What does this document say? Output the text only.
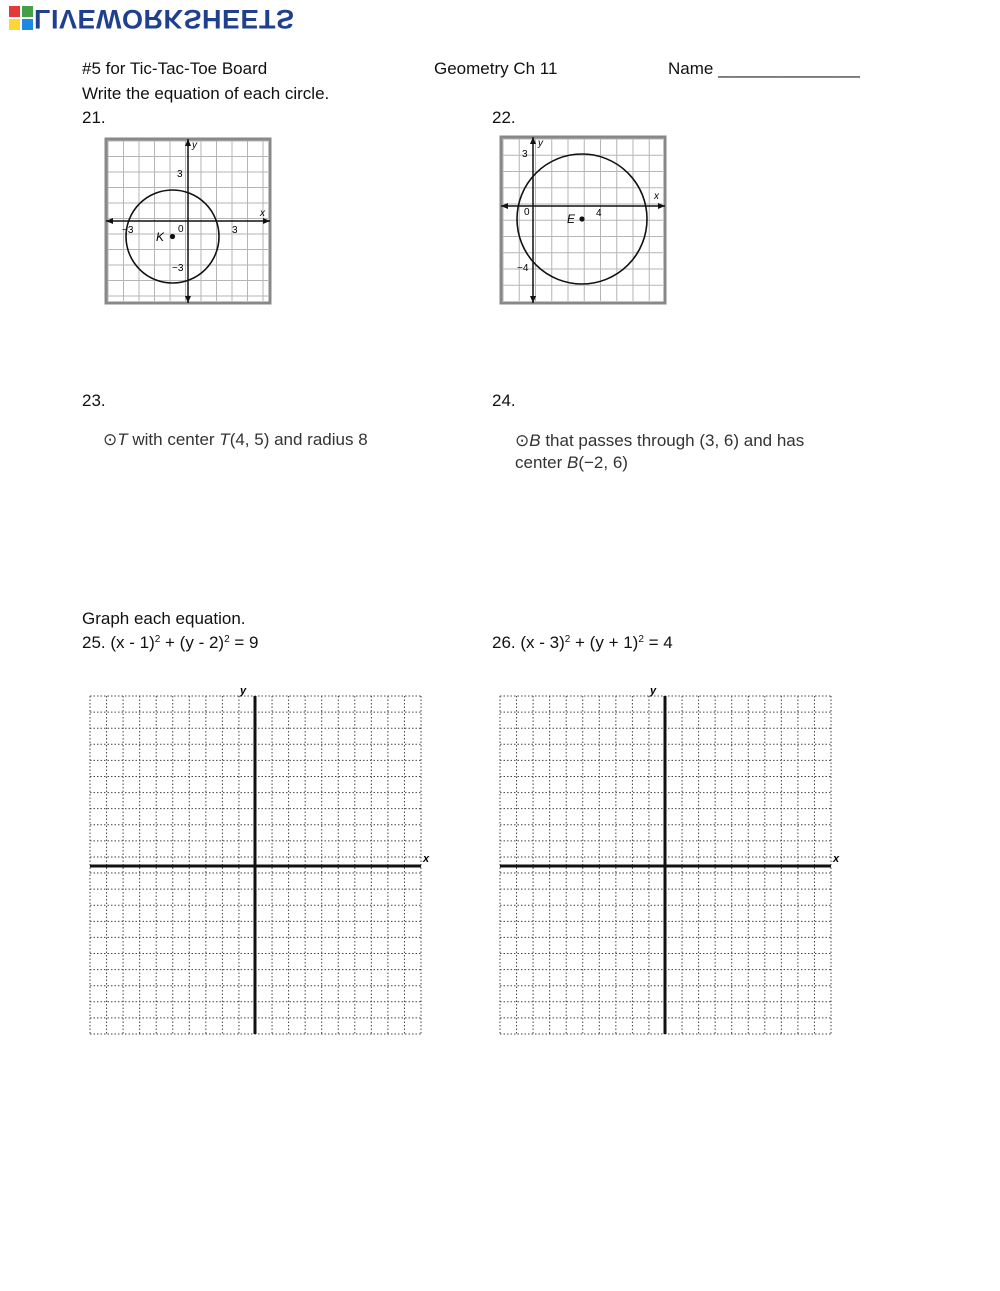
LIVEWORKSHEETS
#5 for Tic-Tac-Toe Board	Geometry Ch 11	Name _______________
Write the equation of each circle.
21.	22.
y
x
−3	3
3
−3
0
K
y
x
3
4
−4
0	E
23.	24.
⊙T with center T(4, 5) and radius 8	⊙B that passes through (3, 6) and has
center B(−2, 6)
Graph each equation.
25. (x - 1)$^2$ + (y - 2)$^2$ = 9	26. $(x - 3)^2 + (y + 1)^2 = 4$
y
x
y
x
